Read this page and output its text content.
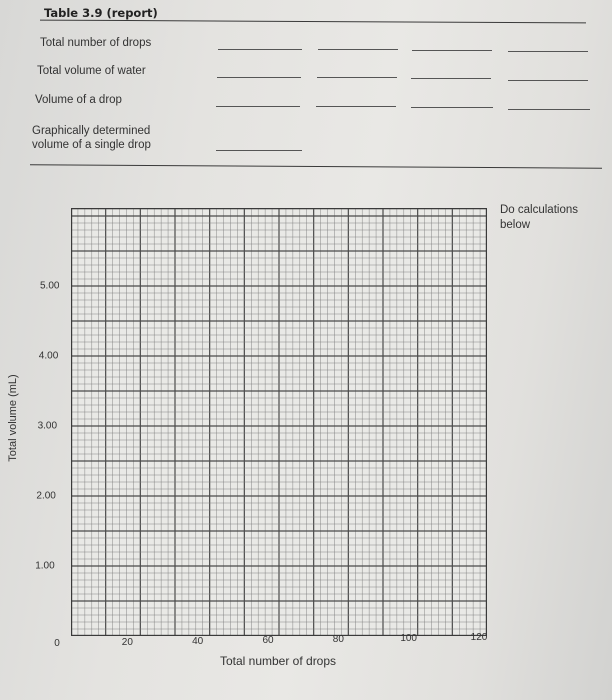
Table 3.9 (report)
Total number of drops
Total volume of water
Volume of a drop
Graphically determined volume of a single drop
Do calculations below
Total volume (mL)
Total number of drops
1.00
2.00
3.00
4.00
5.00
0	20	40	60	80	100	120
